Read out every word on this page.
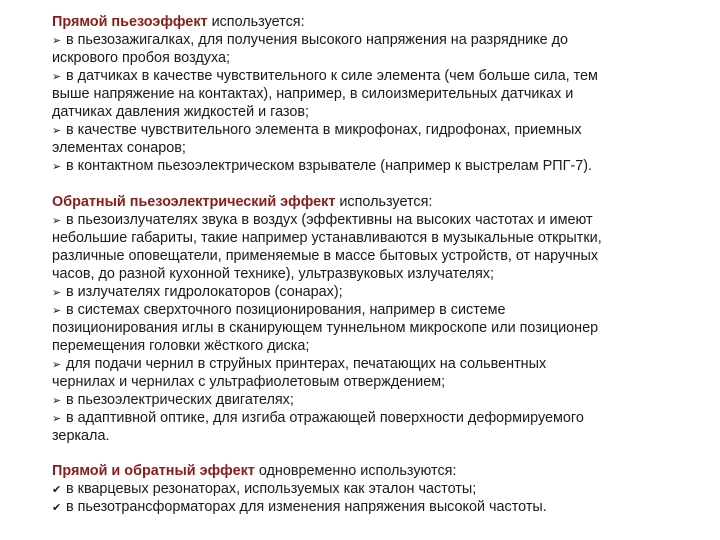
Прямой пьезоэффект используется:
➢ в пьезозажигалках, для получения высокого напряжения на разряднике до
искрового пробоя воздуха;
➢ в датчиках в качестве чувствительного к силе элемента (чем больше сила, тем
выше напряжение на контактах), например, в силоизмерительных датчиках и
датчиках давления жидкостей и газов;
➢ в качестве чувствительного элемента в микрофонах, гидрофонах, приемных
элементах сонаров;
➢ в контактном пьезоэлектрическом взрывателе (например к выстрелам РПГ-7).
Обратный пьезоэлектрический эффект используется:
➢ в пьезоизлучателях звука в воздух (эффективны на высоких частотах и имеют
небольшие габариты, такие например устанавливаются в музыкальные открытки,
различные оповещатели, применяемые в массе бытовых устройств, от наручных
часов, до разной кухонной технике), ультразвуковых излучателях;
➢ в излучателях гидролокаторов (сонарах);
➢ в системах сверхточного позиционирования, например в системе
позиционирования иглы в сканирующем туннельном микроскопе или позиционер
перемещения головки жёсткого диска;
➢ для подачи чернил в струйных принтерах, печатающих на сольвентных
чернилах и чернилах с ультрафиолетовым отверждением;
➢ в пьезоэлектрических двигателях;
➢ в адаптивной оптике, для изгиба отражающей поверхности деформируемого
зеркала.
Прямой и обратный эффект одновременно используются:
✔ в кварцевых резонаторах, используемых как эталон частоты;
✔ в пьезотрансформаторах для изменения напряжения высокой частоты.
